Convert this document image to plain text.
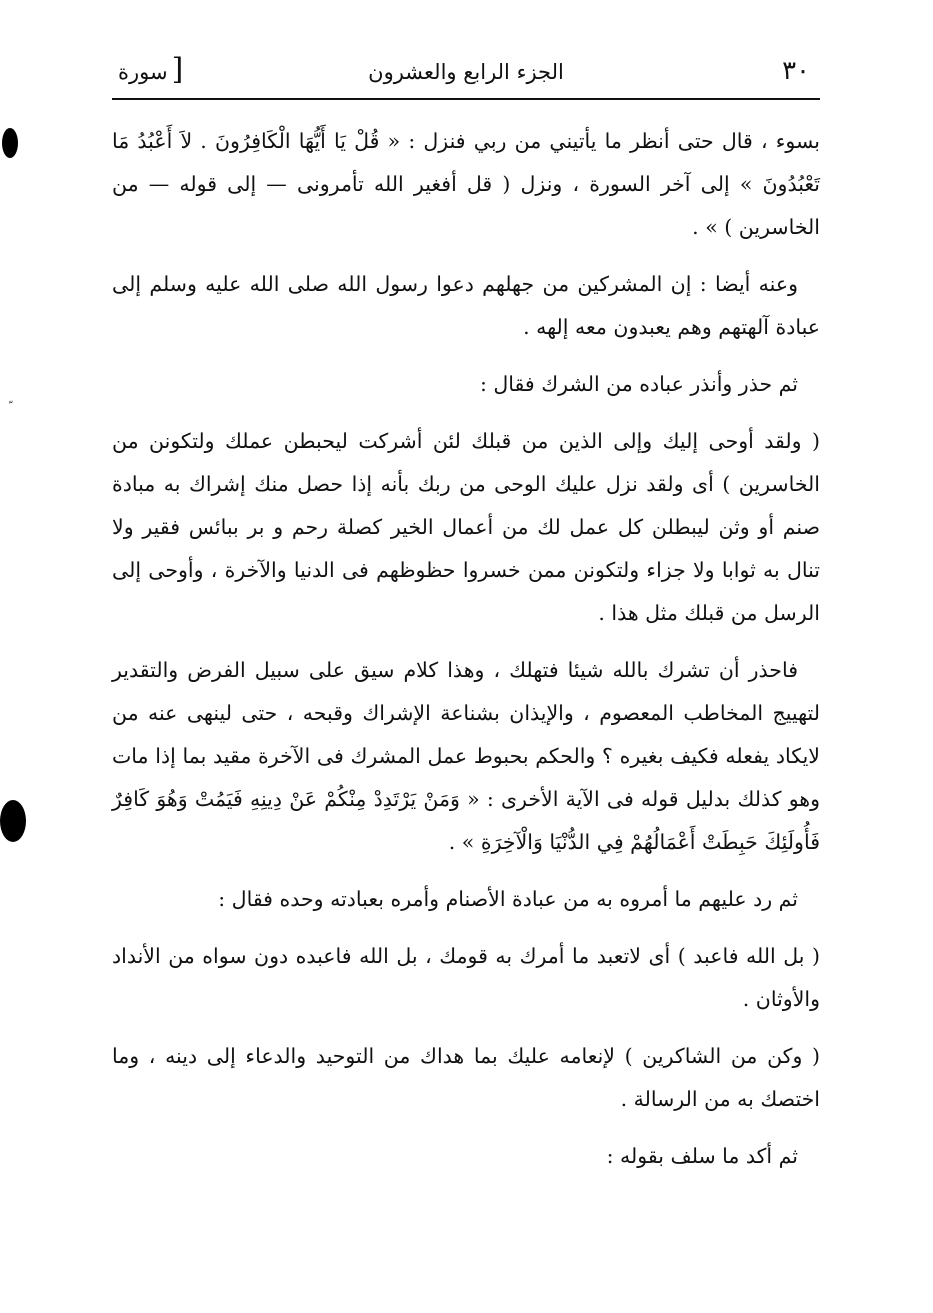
٣٠
الجزء الرابع والعشرون
[سورة

بسوء ، قال حتى أنظر ما يأتيني من ربي فنزل : « قُلْ يَا أَيُّهَا الْكَافِرُونَ . لاَ أَعْبُدُ مَا تَعْبُدُونَ » إلى آخر السورة ، ونزل ( قل أفغير الله تأمرونى — إلى قوله — من الخاسرين ) » .

وعنه أيضا : إن المشركين من جهلهم دعوا رسول الله صلى الله عليه وسلم إلى عبادة آلهتهم وهم يعبدون معه إلهه .

ثم حذر وأنذر عباده من الشرك فقال :

( ولقد أوحى إليك وإلى الذين من قبلك لئن أشركت ليحبطن عملك ولتكونن من الخاسرين ) أى ولقد نزل عليك الوحى من ربك بأنه إذا حصل منك إشراك به مبادة صنم أو وثن ليبطلن كل عمل لك من أعمال الخير كصلة رحم و بر ببائس فقير ولا تنال به ثوابا ولا جزاء ولتكونن ممن خسروا حظوظهم فى الدنيا والآخرة ، وأوحى إلى الرسل من قبلك مثل هذا .

فاحذر أن تشرك بالله شيئا فتهلك ، وهذا كلام سيق على سبيل الفرض والتقدير لتهييج المخاطب المعصوم ، والإيذان بشناعة الإشراك وقبحه ، حتى لينهى عنه من لايكاد يفعله فكيف بغيره ؟ والحكم بحبوط عمل المشرك فى الآخرة مقيد بما إذا مات وهو كذلك بدليل قوله فى الآية الأخرى : « وَمَنْ يَرْتَدِدْ مِنْكُمْ عَنْ دِينِهِ فَيَمُتْ وَهُوَ كَافِرٌ فَأُولَئِكَ حَبِطَتْ أَعْمَالُهُمْ فِي الدُّنْيَا وَالْآخِرَةِ » .

ثم رد عليهم ما أمروه به من عبادة الأصنام وأمره بعبادته وحده فقال :

( بل الله فاعبد ) أى لاتعبد ما أمرك به قومك ، بل الله فاعبده دون سواه من الأنداد والأوثان .

( وكن من الشاكرين ) لإنعامه عليك بما هداك من التوحيد والدعاء إلى دينه ، وما اختصك به من الرسالة .

ثم أكد ما سلف بقوله :
